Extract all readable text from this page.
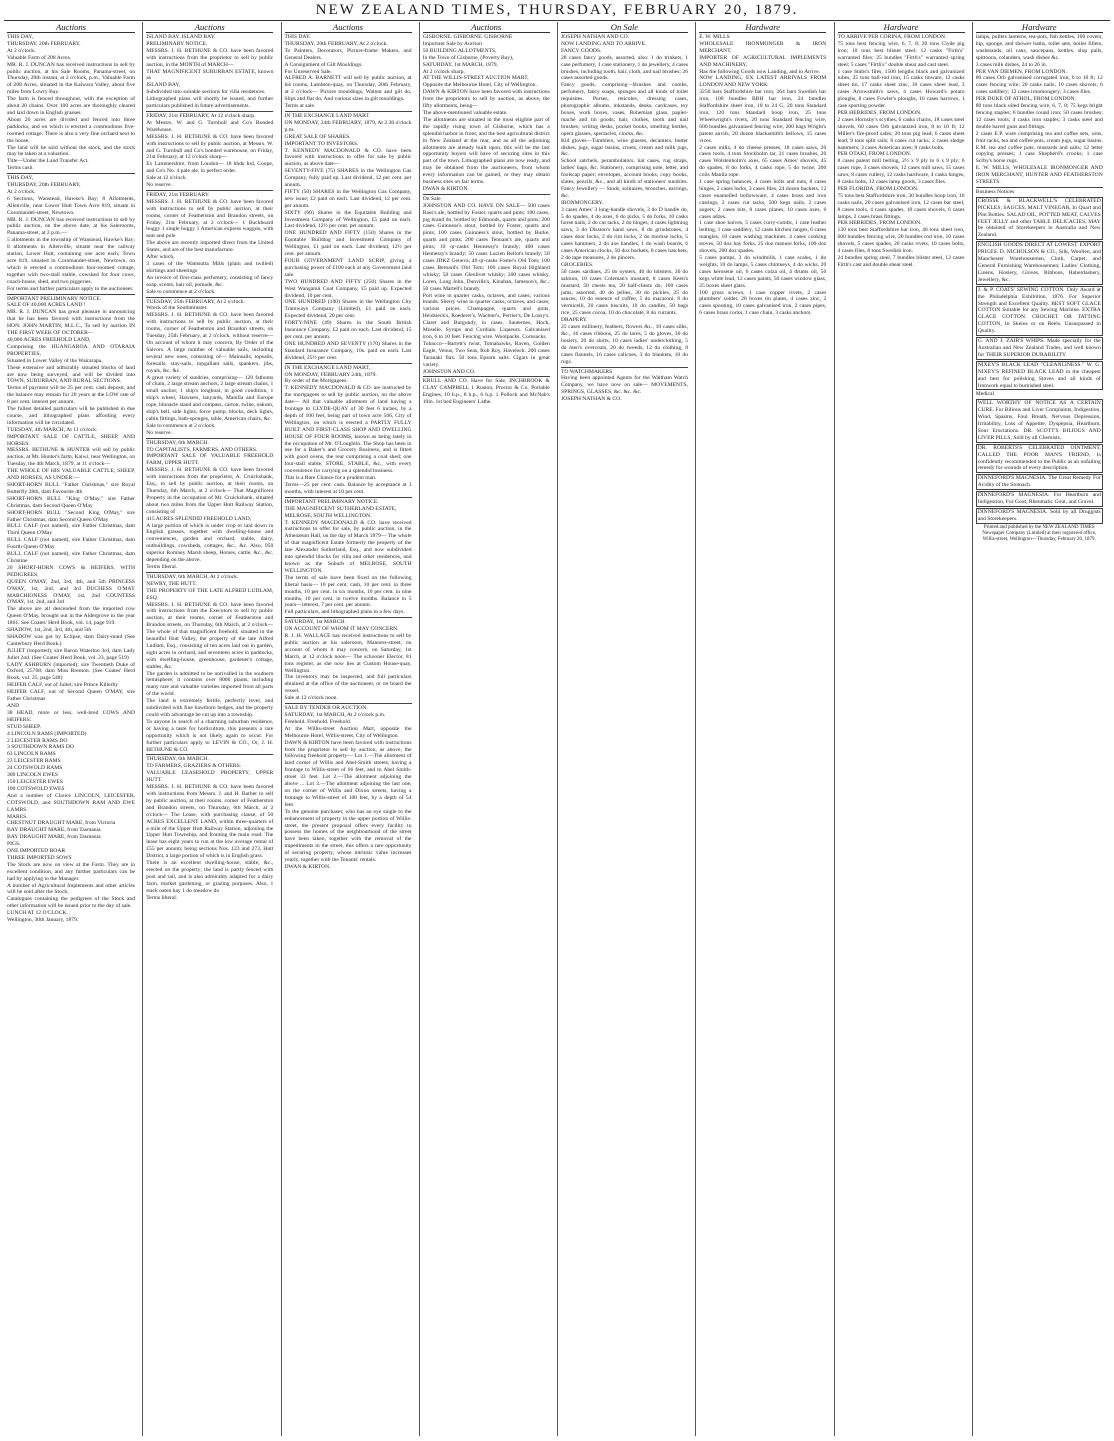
NEW ZEALAND TIMES, THURSDAY, FEBRUARY 20, 1879.
Auctions

THIS DAY,

THURSDAY, 20th FEBRUARY,

At 2 o'clock.

Valuable Farm of 208 Acres.

MR. R. J. DUNCAN has received instructions to sell by public auction, at his Sale Rooms, Panama-street, on Thursday, 20th instant, at 2 o'clock, p.m., Valuable Farm of 208 Acres, situated in the Kaiwara Valley, about five miles from Lowry Bay.

The farm is fenced throughout, with the exception of about 20 chains. Over 100 acres are thoroughly cleared and laid down in English grasses.

About 20 acres are divided and fenced into three paddocks, and on which is erected a commodious five-roomed cottage. There is also a very fine orchard next to the house.

The land will be sold without the stock, and the stock may be taken at a valuation.

Title—Under the Land Transfer Act.

Terms cash.

THIS DAY,

THURSDAY, 20th FEBRUARY,

At 2 o'clock.

6 Sections, Wanstead, Hawke's Bay; 8 Allotments, Allenville, near Lower Hutt Town Acre 819, situate in Coromandel-street, Newtown.

MR. R. J. DUNCAN has received instructions to sell by public auction, on the above date, at his Salerooms, Panama-street, at 2 p.m.—

5 allotments in the township of Wanstead, Hawke's Bay; 8 allotments in Allenville, situate near the railway station, Lower Hutt, containing one acre each; Town acre 819, situated in Coromandel-street, Newtown, on which is erected a commodious four-roomed cottage, together with two-stall stable, cowshed for four cows, coach-house, shed, and two piggeries.

For terms and further particulars apply to the auctioneer.

IMPORTANT PRELIMINARY NOTICE.

SALE OF 40,000 ACRES LAND !

MR. R. J. DUNCAN has great pleasure in announcing that he has been favored with instructions from the HON. JOHN MARTIN, M.L.C., To sell by auction IN THE FIRST WEEK OF OCTOBER—

40,000 ACRES FREEHOLD LAND,

Comprising the HUANGAROA AND OTARAIA PROPERTIES,

Situated in Lower Valley of the Wairarapa.

These extensive and admirably situated blocks of land are now being surveyed, and will be divided into TOWN, SUBURBAN, AND RURAL SECTIONS.

Terms of payment will be 25 per cent. cash deposit, and the balance may remain for 20 years at the LOW rate of 8 per cent. interest per annum.

The fullest detailed particulars will be published in due course, and lithographed plans affording every information will be circulated.

TUESDAY, 4th MARCH, At 11 o'clock.

IMPORTANT SALE OF CATTLE, SHEEP, AND HORSES.

MESSRS. BETHUNE & HUNTER will sell by public auction, at Mr. Hunter's farm, Kaiwi, near Wellington, on Tuesday, the 4th March, 1879, at 11 o'clock—

THE WHOLE OF HIS VALUABLE CATTLE, SHEEP, AND HORSES, AS UNDER:—

SHORT-HORN BULL "Father Christmas," sire Royal Butterfly 28th, dam Favourite 4th

SHORT-HORN BULL "King O'May," sire Father Christmas, dam Second Queen O'May

SHORT-HORN BULL "Second King O'May," sire Father Christmas, dam Second Queen O'May

BULL CALF (not named), sire Father Christmas, dam Third Queen O'May

BULL CALF (not named), sire Father Christmas, dam Fourth Queen O'May

BULL CALF (not named), sire Father Christmas, dam Christine

20 SHORT-HORN COWS & HEIFERS, WITH PEDIGREES,

QUEEN O'MAY, 2nd, 3rd, 4th, and 5th PRINCESS O'MAY, 1st, 2nd, and 3rd DUCHESS O'MAY MARCHIONESS O'MAY, 1st, 2nd COUNTESS O'MAY, 1st, 2nd, and 3rd

The above are all descended from the imported cow Queen O'May, brought out in the Aldergrove in the year 1861. See Coates' Herd Book, vol. 14, page 919.

SHADOW, 1st, 2nd, 3rd, 4th, and 5th

SHADOW was got by Eclipse, dam Dairy-maid (See Canterbury Herd Book.)

JULIET (imported); sire Baron Waterloo 3rd, dam Lady Juliet 2nd. (See Coates' Herd Book, vol. 23, page 519)

LADY ASHBURN (imported); sire Twentieth Duke of Oxford, 25708; dam Miss Brenton. (See Coates' Herd Book, vol. 25, page 548)

HEIFER CALF, out of Juliet; sire Prince Killerby

HEIFER CALF, out of Second Queen O'MAY, sire Father Christmas

AND

38 HEAD, more or less, well-bred COWS AND HEIFERS.

STUD SHEEP.

4 LINCOLN RAMS (IMPORTED)

2 LEICESTER RAMS DO

3 SOUTHDOWN RAMS DO

63 LINCOLN RAMS

23 LEICESTER RAMS

24 COTSWOLD RAMS

300 LINCOLN EWES

150 LEICESTER EWES

100 COTSWOLD EWES

And a number of Choice LINCOLN, LEICESTER, COTSWOLD, and SOUTHDOWN RAM AND EWE LAMBS.

MARES.

CHESTNUT DRAUGHT MARE, from Victoria

BAY DRAUGHT MARE, from Tasmania

BAY DRAUGHT MARE, from Tasmania

PIGS.

ONE IMPORTED BOAR

THREE IMPORTED SOWS

The Stock are now on view at the Farm. They are in excellent condition, and any further particulars can be had by applying to the Manager.

A number of Agricultural Implements and other articles will be sold after the Stock.

Catalogues containing the pedigrees of the Stock and other information will be issued prior to the day of sale.

LUNCH AT 12 O'CLOCK.

Wellington, 30th January, 1879.

Auctions

ISLAND BAY. ISLAND BAY.

PRELIMINARY NOTICE.

MESSRS. J. H. BETHUNE & CO. have been favored with instructions from the proprietor to sell by public auction, in the MONTH of MARCH—

THAT MAGNIFICENT SUBURBAN ESTATE, known as

ISLAND BAY,

Subdivided into suitable sections for villa residences.

Lithographed plans will shortly be issued, and further particulars published in future advertisements.

FRIDAY, 21st FEBRUARY, At 12 o'clock sharp.

At Messrs. W. and G. Turnbull and Co's Bonded Warehouse.

MESSRS. J. H. BETHUNE & CO. have been favored with instructions to sell by public auction, at Messrs. W. and G. Turnbull and Co's bonded warehouse, on Friday, 21st February, at 12 o'clock sharp—

Ex Lammershire, from London— 18 hhds Ind, Coope, and Co's No. 4 pale ale, in perfect order.

Sale at 12 o'clock.

No reserve.

FRIDAY, 21st FEBRUARY.

MESSRS. J. H. BETHUNE & CO. have been favored with instructions to sell by public auction, at their rooms, corner of Featherston and Brandon streets, on Friday, 21st February, at 2 o'clock— 1 Buckboard buggy 1 single buggy 1 American express waggon, with seat and pole

The above are recently imported direct from the United States, and are of the best manufacture.

After which,

3 cases of the Wamsutta Mills (plain and twilled) shirtings and sheetings

An invoice of first-class perfumery, consisting of fancy soap, scents, hair oil, pomade, &c.

Sale to commence at 2 o'clock.

TUESDAY, 25th FEBRUARY, At 2 o'clock.

Wreck of the Southminster.

MESSRS. J. H. BETHUNE & CO. have been favored with instructions to sell by public auction, at their rooms, corner of Featherston and Brandon streets, on Tuesday, 25th February, at 2 o'clock, without reserve— On account of whom it may concern, By Order of the Salvors. A large number of valuable sails, including several new ones, consisting of— Mainsails, topsails, foresails, stay-sails, topgallant sails, spankers, jibs, royals, &c. &c.

A great variety of sundries, comprising— 120 fathoms of chain, 2 large stream anchors, 2 large stream chains, 1 small anchor, 1 ship's longboat, in good condition, 1 ship's wheel, Hawsers, lanyards, Manilla and Europe rope, binnacle stand and compass, carton, twine, oakum, ship's bell, side lights, force pump, blocks, deck lights, cabin fittings, bath-sponges, table, American chairs, &c.

Sale to commence at 2 o'clock.

No reserve.

THURSDAY, 6th MARCH.

TO CAPITALISTS, FARMERS, AND OTHERS.

IMPORTANT SALE OF VALUABLE FREEHOLD FARM, UPPER HUTT.

MESSRS. J. H. BETHUNE & CO. have been favored with instructions from the proprietor, A. Cruickshank, Esq., to sell by public auction, at their rooms, on Thursday, 6th March, at 2 o'clock— That Magnificent Property in the occupation of Mr. Cruickshank, situated about two miles from the Upper Hutt Railway Station, consisting of

415 ACRES SPLENDID FREEHOLD LAND,

A large portion of which is under crop or laid down in English grasses, together with dwelling-house and conveniences, garden and orchard, stable, dairy, outbuildings, cowsheds, cottages, &c., &c. Also, 950 superior Romney Marsh sheep, Horses, cattle, &c., &c. depending on the above.

Terms liberal.

THURSDAY, 6th MARCH, At 2 o'clock.

NEWRY, THE HUTT.

THE PROPERTY OF THE LATE ALFRED LUDLAM, ESQ.

MESSRS. J. H. BETHUNE & CO. have been favored with instructions from the Executors to sell by public auction, at their rooms, corner of Featherston and Brandon streets, on Thursday, 6th March, at 2 o'clock— The whole of that magnificent freehold, situated in the beautiful Hutt Valley, the property of the late Alfred Ludlam, Esq., consisting of ten acres laid out in garden, sight acres in orchard, and seventeen acres in paddocks, with dwelling-house, greenhouse, gardener's cottage, stables, &c.

The garden is admitted to be unrivalled in the southern hemisphere; it contains over 8000 plants, including many rare and valuable varieties imported from all parts of the world.

The land is extremely fertile, perfectly level, and subdivided with fine hawthorn hedges, and the property could with advantage be cut up into a township.

To anyone in search of a charming suburban residence, or having a taste for horticulture, this presents a rare opportunity which is not likely again to occur. For further particulars apply to LEVIN & CO., Or, J. H. BETHUNE & CO.

THURSDAY, 6th MARCH.

TO FARMERS, GRAZIERS & OTHERS.

VALUABLE LEASEHOLD PROPERTY, UPPER HUTT.

MESSRS. J. H. BETHUNE & CO. have been favored with instructions from Messrs. J. and H. Barber to sell by public auction, at their rooms, corner of Featherston and Brandon streets, on Thursday, 6th March, at 2 o'clock— The Lease, with purchasing clause, of 50 ACRES EXCELLENT LAND, within three-quarters of a mile of the Upper Hutt Railway Station, adjoining the Upper Hutt Township, and fronting the main road. The lease has eight years to run at the low average rental of £55 per annum; being sections Nos. 123 and 273, Hutt District, a large portion of which is in English grass.

There is an excellent dwelling-house, stable, &c., erected on the property; the land is partly fenced with post and rail, and is also admirably adapted for a dairy farm, market gardening, or grazing purposes. Also, 1 stack oaten hay 1 do meadow do

Terms liberal.

Auctions

THIS DAY.

THURSDAY, 20th FEBRUARY, At 2 o'clock.

To Painters, Decorators, Picture-frame Makers, and General Dealers.

A Consignment of Gilt Mouldings.

For Unreserved Sale.

ALFRED A. BARNETT will sell by public auction, at his rooms, Lambton-quay, on Thursday, 20th February, at 2 o'clock— Picture mouldings, Walnut and gilt do, Slips and flat do, And various sizes in gilt mouldings.

Terms at sale.

IN THE EXCHANGE LAND MART.

ON MONDAY, 24th FEBRUARY, 1879, At 2.30 o'clock p.m.

GREAT SALE OF SHARES.

IMPORTANT TO INVESTORS.

T. KENNEDY MACDONALD & CO. have been favored with instructions to offer for sale by public auction, as above date—

SEVENTY-FIVE (75) SHARES in the Wellington Gas Company, fully paid up. Last dividend, 12 per cent. per annum.

FIFTY (50) SHARES in the Wellington Gas Company, new issue; £2 paid on each. Last dividend, 12 per cent. per annum.

SIXTY (60) Shares in the Equitable Building and Investment Company of Wellington, £5 paid on each. Last dividend, 12½ per cent. per annum.

ONE HUNDRED AND FIFTY (150) Shares in the Equitable Building and Investment Company of Wellington, £1 paid on each. Last dividend, 12½ per cent. per annum.

FOUR GOVERNMENT LAND SCRIP, giving a purchasing power of £100 each at any Government land sale.

TWO HUNDRED AND FIFTY (250) Shares in the West Wanganui Coal Company, £5 paid up. Expected dividend, 10 per cent.

ONE HUNDRED (100) Shares in the Wellington City Tramways Company (Limited), £1 paid on each. Expected dividend, 20 per cent.

FORTY-NINE (49) Shares in the South British Insurance Company, £2 paid on each. Last dividend, 15 per cent. per annum.

ONE HUNDRED AND SEVENTY (170) Shares in the Standard Insurance Company, 10s. paid on each. Last dividend, 25½ per cent.

IN THE EXCHANGE LAND MART,

ON MONDAY, FEBRUARY 24th, 1879.

By order of the Mortgagees.

T. KENNEDY MACDONALD & CO. are instructed by the mortgagees to sell by public auction, on the above date— All that valuable allotment of land having a frontage to CLYDE-QUAY of 30 feet 6 inches, by a depth of 100 feet, being part of town acre 566, City of Wellington, on which is erected a PARTLY FULLY BUILT AND FIRST-CLASS SHOP AND DWELLING HOUSE OF FOUR ROOMS, known as being lately in the occupation of Mr. O'Loughlin. The Shop has been in use for a Baker's and Grocery Business, and is fitted with good ovens, the rear comprising a coal shed; one four-stall stable, STORE, STABLE, &c., with every convenience for carrying on a splendid business.

This is a Rare Chance for a prudent man.

Terms—25 per cent. cash. Balance by acceptance at 3 months, with interest at 10 per cent.

IMPORTANT PRELIMINARY NOTICE.

THE MAGNIFICENT SUTHERLAND ESTATE,

MELROSE, SOUTH WELLINGTON.

T. KENNEDY MACDONALD & CO. have received instructions to offer for sale, by public auction, in the Athenæum Hall, on the day of March 1879— The whole of that magnificent Estate formerly the property of the late Alexander Sutherland, Esq., and now subdivided into splendid blocks for villa and other residences, and known as the Suburb of MELROSE, SOUTH WELLINGTON.

The terms of sale have been fixed on the following liberal basis— 10 per cent. cash, 10 per cent. in three months, 10 per cent. in six months, 10 per cent. in nine months, 10 per cent. in twelve months. Balance in 5 years—interest, 7 per cent. per annum.

Full particulars, and lithographed plans in a few days.

SATURDAY, 1st MARCH.

ON ACCOUNT OF WHOM IT MAY CONCERN.

R. J. H. WALLACE has received instructions to sell by public auction at his saleroom, Manners-street, on account of whom it may concern, on Saturday, 1st March, at 12 o'clock noon— The schooner Elector, 81 tons register, as she now lies at Custom House-quay, Wellington.

The inventory may be inspected, and full particulars obtained at the office of the auctioneer, or on board the vessel.

Sale at 12 o'clock noon.

SALE BY TENDER OR AUCTION.

SATURDAY, 1st MARCH, At 2 o'clock p.m.

Freehold. Freehold. Freehold.

At the Willis-street Auction Mart, opposite the Melbourne Hotel, Willis-street, City of Wellington.

DAWN & KIRTON have been favored with instructions from the proprietor to sell by auction, as above, the following freehold property— Lot 1.—The allotment of land corner of Willis and Abel-Smith streets, having a frontage to Willis-street of 66 feet, and to Abel Smith-street 33 feet. Lot 2.—The allotment adjoining the above ... Lot 3.—The allotment adjoining the last one, on the corner of Willis and Dixon streets, having a frontage to Willis-street of 100 feet, by a depth of 54 feet.

To the genuine purchaser, who has an eye single to the enhancement of property in the upper portion of Willis-street, the present proposal offers every facility to possess the homes of the neighbourhood of the street have been taken, together with the removal of the impediments in the street, this offers a rare opportunity of securing property, whose intrinsic value increases yearly, together with the Tenants' rentals.

DWAN & KIRTON.

Auctions

GISBORNE. GISBORNE. GISBORNE

Important Sale by Auction

50 BUILDING ALLOTMENTS,

In the Town of Gisborne, (Poverty Bay),

SATURDAY, 1st MARCH, 1879,

At 2 o'clock sharp,

AT THE WILLIS-STREET AUCTION MART,

Opposite the Melbourne Hotel, City of Wellington.

DAWN & KIRTON have been favored with instructions from the proprietors to sell by auction, as above, the fifty allotments, being—

The above-mentioned valuable estate.

The allotments are situated in the most eligible part of the rapidly rising town of Gisborne, which has a splendid harbor in front, and the best agricultural district in New Zealand at the rear, and as all the adjoining allotments are already built upon, this will be the last opportunity buyers will have of securing sites in this part of the town. Lithographed plans are now ready, and may be obtained from the auctioneers, from whom every information can be gained, or they may obtain business sites on fair terms.

DWAN & KIRTON.

On Sale

JOHNSTON AND CO. HAVE ON SALE— 500 cases Bass's ale, bottled by Foster, quarts and pints; 100 cases, pig brand do, bottled by Edmonds, quarts and pints; 200 cases Guinness's stout, bottled by Foster, quarts and pints; 100 cases Guinness's stout, bottled by Burke, quarts and pints; 200 cases Tennant's ale, quarts and pints; 10 qr-casks Hennessy's brandy; 400 cases Hennessy's brandy; 50 cases Lucien Bellot's brandy; 50 cases JDKZ Geneva; 40 qr-casks Foster's Old Tom; 100 cases Bernard's Old Tom; 100 cases Royal Highland whisky; 50 cases Glenlivet whisky; 200 cases whisky, Loren, Long John, Dunville's, Kinahan, Jameson's, &c.; 50 cases Martell's brandy.

Port wine in quarter casks, octaves, and cases; various brands. Sherry wine in quarter casks, octaves, and cases; various prices. Champagne, quarts and pints, Heidsieck's, Roederer's, Wachter's, Perrier's, De Lossy's. Claret and Burgundy, in cases. Sauternes, Hock, Moselle. Syrups and Cordials. Liqueurs. Galvanised iron, 6 to 10 feet. Fencing wire. Woolpacks. Cornsacks.

Tobacco—Barrett's twist, Tomahawks, Raven, Golden Eagle, Venus, Two Seas, Rob Roy, Havelock. 200 cases Taranaki flax. 50 tons Epsom salts. Cigars in great variety.

JOHNSTON AND CO.

KRULL AND CO. Have for Sale, INCHBROOK & CLAY CAMPBELL 1 Ruston, Proctor & Co. Portable Engines, 10 h.p., 8 h.p., 6 h.p. 1 Pollock and McNab's 10in. 1st bed Engineers' Lathe.

On Sale

JOSEPH NATHAN AND CO.

NOW LANDING AND TO ARRIVE.

FANCY GOODS.

28 cases fancy goods, assorted, also: 1 do trinkets, 1 case perfumery, 1 case stationery, 1 do jewellery, 4 cases brushes, including tooth, hair, cloth, and nail brushes; 26 cases assorted goods.

Fancy goods, comprising—Brushes and combs, perfumery, fancy soaps, sponges and all kinds of toilet requisites. Purses, reticules, dressing cases, photographic albums, inkstands, desks, cardcases, toy boxes, work boxes, vases, Bohemian glass, papier-maché and tin goods; hair, clothes, tooth and nail brushes; writing desks, pocket books, smelling bottles, opera glasses, spectacles, clocks, &c.

Kid gloves—Tumblers, wine glasses, decanters, butter dishes, jugs, sugar basins, cruets, cream and milk jugs, &c.

School satchels, perambulators, hat cases, rug straps, ladies' bags, &c. Stationery, comprising note, letter, and foolscap paper; envelopes, account books, copy books, slates, pencils, &c., and all kinds of stationers' sundries. Fancy Jewellery — Studs, solitaires, brooches, earrings, &c.

IRONMONGERY.

3 cases Ames' 3 long-handle shovels, 3 do D handle do, 5 do spades, 4 do axes, 6 do picks, 5 do forks, 10 casks horse nails, 2 do cut tacks, 2 do hinges, 4 cases lightning saws, 3 do Disston's hand saws, 8 do grindstones, 4 cases door locks, 2 do rim locks, 2 do mortise locks, 5 cases hammers, 2 do axe handles, 1 do wash boards, 6 cases American clocks, 50 doz buckets, 8 cases hatchets, 2 do tape measures, 2 do pincers.

GROCERIES.

50 cases sardines, 25 do oysters, 40 do lobsters, 30 do salmon, 10 cases Coleman's mustard, 8 cases Keen's mustard, 50 chests tea, 20 half-chests do, 100 cases jams, assorted, 40 do jellies, 30 do pickles, 25 do sauces, 10 do essence of coffee, 5 do macaroni, 8 do vermicelli, 20 cases biscuits, 10 do candles, 50 bags rice, 25 cases cocoa, 10 do chocolate, 8 do currants.

DRAPERY.

25 cases millinery, feathers, flowers &c., 10 cases silks, &c., 16 cases ribbons, 25 do laces, 5 do gloves, 30 do hosiery, 20 do shirts, 10 cases ladies' underclothing, 5 do men's overcoats, 20 do tweeds, 12 do clothing, 8 cases flannels, 16 cases calicoes, 3 do blankets, 10 do rugs.

TO WATCHMAKERS

Having been appointed Agents for the Waltham Watch Company, we have now on sale— MOVEMENTS, SPRINGS, GLASSES, &c. &c. &c.

JOSEPH NATHAN & CO.

Hardware

E. W. MILLS

WHOLESALE IRONMONGER & IRON MERCHANT,

IMPORTER OF AGRICULTURAL IMPLEMENTS AND MACHINERY,

Has the following Goods now Landing, and to Arrive.

NOW LANDING, EX LATEST ARRIVALS FROM LONDON AND NEW YORK:

3250 bars Staffordshire bar iron, 264 bars Swedish bar iron, 100 bundles BBH bar iron, 24 bundles Staffordshire sheet iron, 10 to 24 G, 20 tons Standard iron, 120 tons Standard hoop iron, 25 tons Wheelwright's rivets, 20 tons Standard fencing wire, 600 bundles galvanized fencing wire, 200 bags Wright's patent anvils, 20 dozen blacksmith's bellows, 15 cases vices.

2 cases mills, 4 do cheese presses, 18 cases saws, 20 cases tools, 4 tons Stockholm tar, 21 cases brushes, 20 cases Wolstenholm's axes, 65 cases Ames' shovels, 45 do spades, 8 do forks, 4 casks rope, 5 do twine, 200 coils Manila rope.

1 case spring balances, 4 cases bolts and nuts, 8 cases hinges, 2 cases locks, 3 cases files, 24 dozen buckets, 12 cases enamelled hollowware, 4 cases brass and iron castings, 2 cases cut tacks, 500 kegs nails, 2 cases augers, 2 cases bits, 8 cases planes, 10 cases axes, 6 cases adzes.

1 case shoe knives, 5 cases curry-combs, 1 case leather belting, 1 case saddlery, 12 cases kitchen ranges, 6 cases mangles, 10 cases washing machines, 4 cases cooking stoves, 50 doz hay forks, 25 doz manure forks, 100 doz shovels, 200 doz spades.

5 cases pumps, 3 do windmills, 1 case scales, 1 do weights, 10 do lamps, 5 cases chimneys, 4 do wicks, 20 cases kerosene oil, 6 cases colza oil, 4 drums oil, 50 kegs white lead, 12 cases paints, 50 cases window glass, 25 boxes sheet glass.

100 gross screws, 1 case copper rivets, 2 cases plumbers' solder, 20 boxes tin plates, 4 cases zinc, 2 cases spouting, 10 cases galvanised iron, 2 cases pipes, 6 cases brass cocks, 1 case chain, 3 casks anchors.

Hardware

TO ARRIVE PER CORINA, FROM LONDON.

75 tons best fencing wire, 6, 7, 8; 20 tons Clyde pig iron; 10 tons best blister steel; 12 casks "Firth's" warranted files; 25 bundles "Firth's" warranted spring steel; 5 cases "Firth's" double shear and cast steel.

1 case Stubs's files, 1500 lengths black and galvanized tubes, 25 tons ball-rod iron, 15 casks tinware, 12 casks sheet tin, 17 casks sheet zinc, 10 cases sheet lead, 3 cases Arrowsmith's saws, 4 cases Howard's potato ploughs, 8 cases Fowler's ploughs, 16 cases harrows, 1 case sporting powder.

PER HEBRIDES, FROM LONDON.

2 cases Hornsby's scythes, 6 casks chains, 18 cases steel shovels, 60 cases Orb galvanized iron, 8 to 10 ft; 12 Miller's fire-proof safes; 20 tons pig lead; 6 cases sheet lead; 9 tons split rails; 6 cases cut tacks; 2 cases sledge hammers; 3 cases American axes; 8 casks bolts.

PER OTAKI, FROM LONDON.

8 cases patent mill belting, 2½ x 9 ply to 6 x 9 ply; 6 cases rope, 3 cases shovels, 12 cases mill saws, 15 cases saws, 8 cases cutlery, 12 casks hardware, 4 casks hinges, 8 casks bolts, 12 cases lamp goods, 3 cases files.

PER FLORIDA, FROM LONDON.

75 tons best Staffordshire iron, 30 bundles hoop iron, 16 casks nails, 20 cases galvanised iron, 12 cases bar steel, 8 cases tools, 4 cases spades, 10 cases shovels, 6 cases lamps, 2 cases brass fittings.

PER HEBRIDES, FROM LONDON.

130 tons best Staffordshire bar iron, 40 tons sheet iron, 600 bundles fencing wire, 20 bundles rod iron, 10 cases shovels, 5 cases spades, 20 casks rivets, 10 cases bolts, 4 cases files, 8 tons Swedish iron.

24 bundles spring steel, 7 bundles blister steel, 12 cases Firth's cast and double shear steel.

Hardware

lamps, pullets lanterns, tea-pots, fish kettles, 100 covers, hip, sponge, and shower baths, toilet sets, boiler fillers, washstands, oil cans, saucepans, kettles, slop pails, spittoons, colanders, wash dishes &c.

3 cases milk dishes, 24 to 26 in.

PER VAN DIEMEN, FROM LONDON.

80 cases Orb galvanised corrugated iron, 6 to 10 ft; 12 cases fencing wire; 20 casks nails; 10 cases shovels; 6 cases saddlery; 12 cases ironmongery; 3 cases files.

PER DUKE OF ATHOL, FROM LONDON.

80 tons black oiled fencing wire, 6, 7, 8; 75 kegs bright fencing staples; 6 bundles round iron; 50 cases brushes; 12 cases tools; 4 casks iron staples; 3 casks steel and double barrel guns and fittings.

2 cases E.P. ware comprising tea and coffee sets, urns, fruit racks, tea and coffee pots, cream jugs, sugar basins, E.M. tea and coffee pots, mustards and salts; 12 letter copying presses; 1 case Shepherd's crooks; 1 case Scrby's horse rugs.

E. W. MILLS, WHOLESALE IRONMONGER AND IRON MERCHANT, HUNTER AND FEATHERSTON STREETS.

Business Notices

CROSSE & BLACKWELL'S CELEBRATED PICKLES, SAUCES, MALT VINEGAR, In Quart and Pint Bottles. SALAD OIL, POTTED MEAT, CALVES FEET JELLY and other TABLE DELICACIES, MAY be obtained of Storekeepers in Australia and New Zealand.

ENGLISH GOODS DIRECT AT LOWEST EXPORT PRICES. D. NICHOLSON & CO., Silk, Woollen, and Manchester Warehousemen, Cloth, Carpet, and General Furnishing Warehousemen; Ladies' Clothing, Linens, Hosiery, Gloves, Ribbons, Haberdashery, Jewellery, &c.

J. & P. COATS' SEWING COTTON. Only Award at the Philadelphia Exhibition, 1876. For Superior Strength and Excellent Quality. BEST SOFT GLACE COTTON Suitable for any Sewing Machine. EXTRA GLACE COTTON. CROCHET OR TATTING COTTON, In Skeins or on Reels. Unsurpassed in Quality.

G. AND J. ZAIR'S WHIPS. Made specially for the Australian and New Zealand Trades, and well known for THEIR SUPERIOR DURABILITY.

NIXEY'S BLACK LEAD "CLEANLINESS." W. G. NIXEY'S REFINED BLACK LEAD in the cheapest and best for polishing Stoves and all kinds of Ironwork equal to burnished steel.

Medical

WELL WORTHY OF NOTICE AS A CERTAIN CURE. For Bilious and Liver Complaints, Indigestion, Wind, Spasms, Foul Breath, Nervous Depression, Irritability, Loss of Appetite, Dyspepsia, Heartburn, Sour Eructations. DR. SCOTT'S BILIOUS AND LIVER PILLS, Sold by all Chemists.

DR. ROBERTS'S CELEBRATED OINTMENT, CALLED THE POOR MAN'S FRIEND, Is confidently recommended to the Public as an unfailing remedy for wounds of every description.

DINNEFORD'S MAGNESIA. The Great Remedy For Acidity of the Stomach.

DINNEFORD'S MAGNESIA. For Heartburn and Indigestion, For Gout, Rheumatic Gout, and Gravel.

DINNEFORD'S MAGNESIA. Sold by all Druggists and Storekeepers.

Printed and published by the NEW ZEALAND TIMES Newspaper Company (Limited) at their registered office, Willis-street, Wellington—Thursday, February 20, 1879.
